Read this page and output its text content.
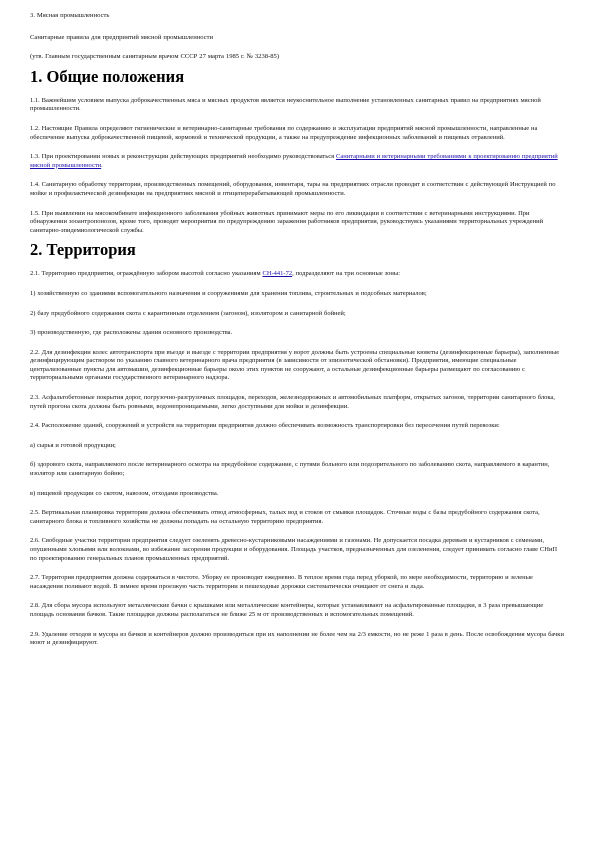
3. Мясная промышленность

Санитарные правила для предприятий мясной промышленности

(утв. Главным государственным санитарным врачом СССР 27 марта 1985 г. № 3238-85)

1. Общие положения

1.1. Важнейшим условием выпуска доброкачественных мяса и мясных продуктов является неукоснительное выполнение установленных санитарных правил на предприятиях мясной промышленности.

1.2. Настоящие Правила определяют гигиенические и ветеринарно-санитарные требования по содержанию и эксплуатации предприятий мясной промышленности, направленные на обеспечение выпуска доброкачественной пищевой, кормовой и технической продукции, а также на предупреждение инфекционных заболеваний и пищевых отравлений.

1.3. При проектировании новых и реконструкции действующих предприятий необходимо руководствоваться Санитарными и ветеринарными требованиями к проектированию предприятий мясной промышленности.

1.4. Санитарную обработку территории, производственных помещений, оборудования, инвентаря, тары на предприятиях отрасли проводят в соответствии с действующей Инструкцией по мойке и профилактической дезинфекции на предприятиях мясной и птицеперерабатывающей промышленности.

1.5. При выявлении на мясокомбинате инфекционного заболевания убойных животных принимают меры по его ликвидации в соответствии с ветеринарными инструкциями. При обнаружении зооантропонозов, кроме того, проводят мероприятия по предупреждению заражения работников предприятия, руководствуясь указаниями территориальных учреждений санитарно-эпидемиологической службы.

2. Территория

2.1. Территорию предприятия, ограждённую забором высотой согласно указаниям СН-441-72, подразделяют на три основные зоны:

1) хозяйственную со зданиями вспомогательного назначения и сооружениями для хранения топлива, строительных и подсобных материалов;

2) базу предубойного содержания скота с карантинным отделением (загоном), изолятором и санитарной бойней;

3) производственную, где расположены здания основного производства.

2.2. Для дезинфекции колес автотранспорта при въезде и выезде с территории предприятия у ворот должны быть устроены специальные кюветы (дезинфекционные барьеры), заполненные дезинфицирующим раствором по указанию главного ветеринарного врача предприятия (в зависимости от эпизоотической обстановки). Предприятия, имеющие специальные централизованные пункты для автомашин, дезинфекционные барьеры около этих пунктов не сооружают, а остальные дезинфекционные барьеры размещают по согласованию с территориальными органами государственного ветеринарного надзора.

2.3. Асфальтобетонные покрытия дорог, погрузочно-разгрузочных площадок, переходов, железнодорожных и автомобильных платформ, открытых загонов, территории санитарного блока, путей прогона скота должны быть ровными, водонепроницаемыми, легко доступными для мойки и дезинфекции.

2.4. Расположение зданий, сооружений и устройств на территории предприятия должно обеспечивать возможность транспортировки без пересечения путей перевозки:

а) сырья и готовой продукции;

б) здорового скота, направляемого после ветеринарного осмотра на предубойное содержание, с путями больного или подозрительного по заболеванию скота, направляемого в карантин, изолятор или санитарную бойню;

в) пищевой продукции со скотом, навозом, отходами производства.

2.5. Вертикальная планировка территории должна обеспечивать отвод атмосферных, талых вод и стоков от смывки площадок. Сточные воды с базы предубойного содержания скота, санитарного блока и топливного хозяйства не должны попадать на остальную территорию предприятия.

2.6. Свободные участки территории предприятия следует озеленять древесно-кустарниковыми насаждениями и газонами. Не допускается посадка деревьев и кустарников с семенами, опушенными хлопьями или волокнами, во избежание засорения продукции и оборудования. Площадь участков, предназначенных для озеленения, следует принимать согласно главе СНиП по проектированию генеральных планов промышленных предприятий.

2.7. Территория предприятия должна содержаться в чистоте. Уборку ее производят ежедневно. В теплое время года перед уборкой, по мере необходимости, территорию и зеленые насаждения поливают водой. В зимнее время проезжую часть территории и пешеходные дорожки систематически очищают от снега и льда.

2.8. Для сбора мусора используют металлические бачки с крышками или металлические контейнеры, которые устанавливают на асфальтированные площадки, в 3 раза превышающие площадь основания бачков. Такие площадки должны располагаться не ближе 25 м от производственных и вспомогательных помещений.

2.9. Удаление отходов и мусора из бачков и контейнеров должно производиться при их наполнении не более чем на 2/3 емкости, но не реже 1 раза в день. После освобождения мусора бачки моют и дезинфицируют.
